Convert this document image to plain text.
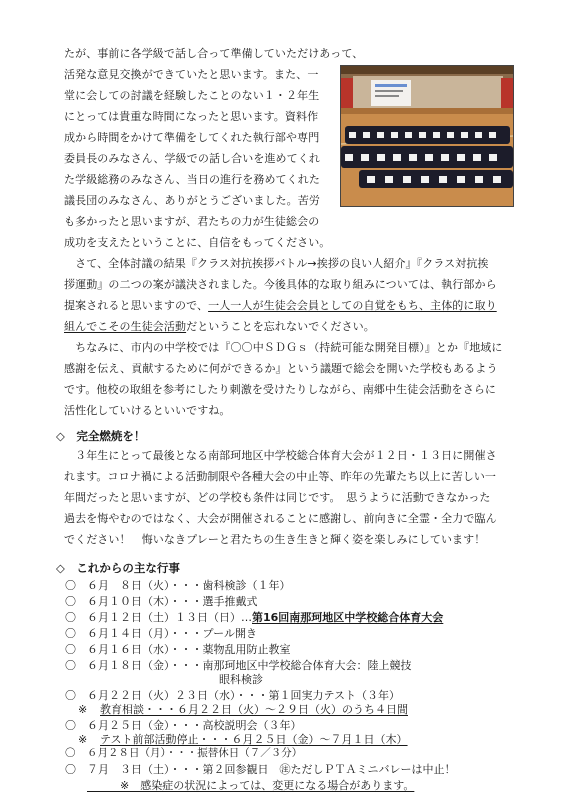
たが、事前に各学級で話し合って準備していただけあって、
活発な意見交換ができていたと思います。また、一
堂に会しての討議を経験したことのない１・２年生
にとっては貴重な時間になったと思います。資料作
成から時間をかけて準備をしてくれた執行部や専門
委員長のみなさん、学級での話し合いを進めてくれ
た学級総務のみなさん、当日の進行を務めてくれた
議長団のみなさん、ありがとうございました。苦労
も多かったと思いますが、君たちの力が生徒総会の
成功を支えたということに、自信をもってください。
　さて、全体討議の結果『クラス対抗挨拶バトル→挨拶の良い人紹介』『クラス対抗挨
拶運動』の二つの案が議決されました。今後具体的な取り組みについては、執行部から
提案されると思いますので、一人一人が生徒会会員としての自覚をもち、主体的に取り
組んでこその生徒会活動だということを忘れないでください。
　ちなみに、市内の中学校では『〇〇中ＳＤＧｓ（持続可能な開発目標）』とか『地域に
感謝を伝え、貢献するために何ができるか』という議題で総会を開いた学校もあるよう
です。他校の取組を参考にしたり刺激を受けたりしながら、南郷中生徒会活動をさらに
活性化していけるといいですね。
◇　完全燃焼を！
　３年生にとって最後となる南部珂地区中学校総合体育大会が１２日・１３日に開催さ
れます。コロナ禍による活動制限や各種大会の中止等、昨年の先輩たち以上に苦しい一
年間だったと思いますが、どの学校も条件は同じです。　思うように活動できなかった
過去を悔やむのではなく、大会が開催されることに感謝し、前向きに全霊・全力で臨ん
でください！　悔いなきプレーと君たちの生き生きと輝く姿を楽しみにしています！
◇　これからの主な行事
〇 ６月　８日（火）・・・歯科検診（１年）
〇 ６月１０日（木）・・・選手推戴式
〇 ６月１２日（土）１３日（日）…第16回南那珂地区中学校総合体育大会
〇 ６月１４日（月）・・・プール開き
〇 ６月１６日（水）・・・薬物乱用防止教室
〇 ６月１８日（金）・・・南那珂地区中学校総合体育大会：陸上競技
　　　　　　　　　　　　眼科検診
〇 ６月２２日（火）２３日（水）・・・第１回実力テスト（３年）
※ 教育相談・・・６月２２日（火）～２９日（火）のうち４日間
〇 ６月２５日（金）・・・高校説明会（３年）
※ テスト前部活動停止・・・６月２５日（金）～７月１日（木）
〇 ６月２８日（月）・・・振替休日（７／３分）
〇 ７月　３日（土）・・・第２回参観日　㊟ただしＰＴＡミニバレーは中止！
　　　※　感染症の状況によっては、変更になる場合があります。
